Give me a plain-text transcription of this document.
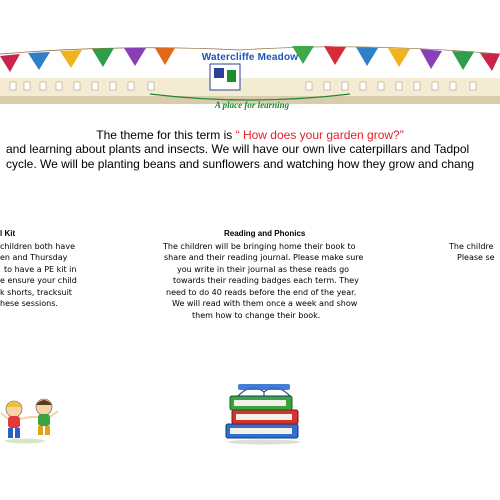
Watercliffe Meadow
A place for learning
The theme for this term is “ How does your garden grow?”
and learning about plants and insects. We will have our own live caterpillars and Tadpol
cycle. We will be planting beans and sunflowers and watching how they grow and chang
l Kit
children both have
en and Thursday
to have a PE kit in
e ensure your child
k shorts, tracksuit
hese sessions.
Reading and Phonics
The children will be bringing home their book to
share and their reading journal. Please make sure
you write in their journal as these reads go
towards their reading badges each term. They
need to do 40 reads before the end of the year.
We will read with them once a week and show
them how to change their book.
The childre
Please se
